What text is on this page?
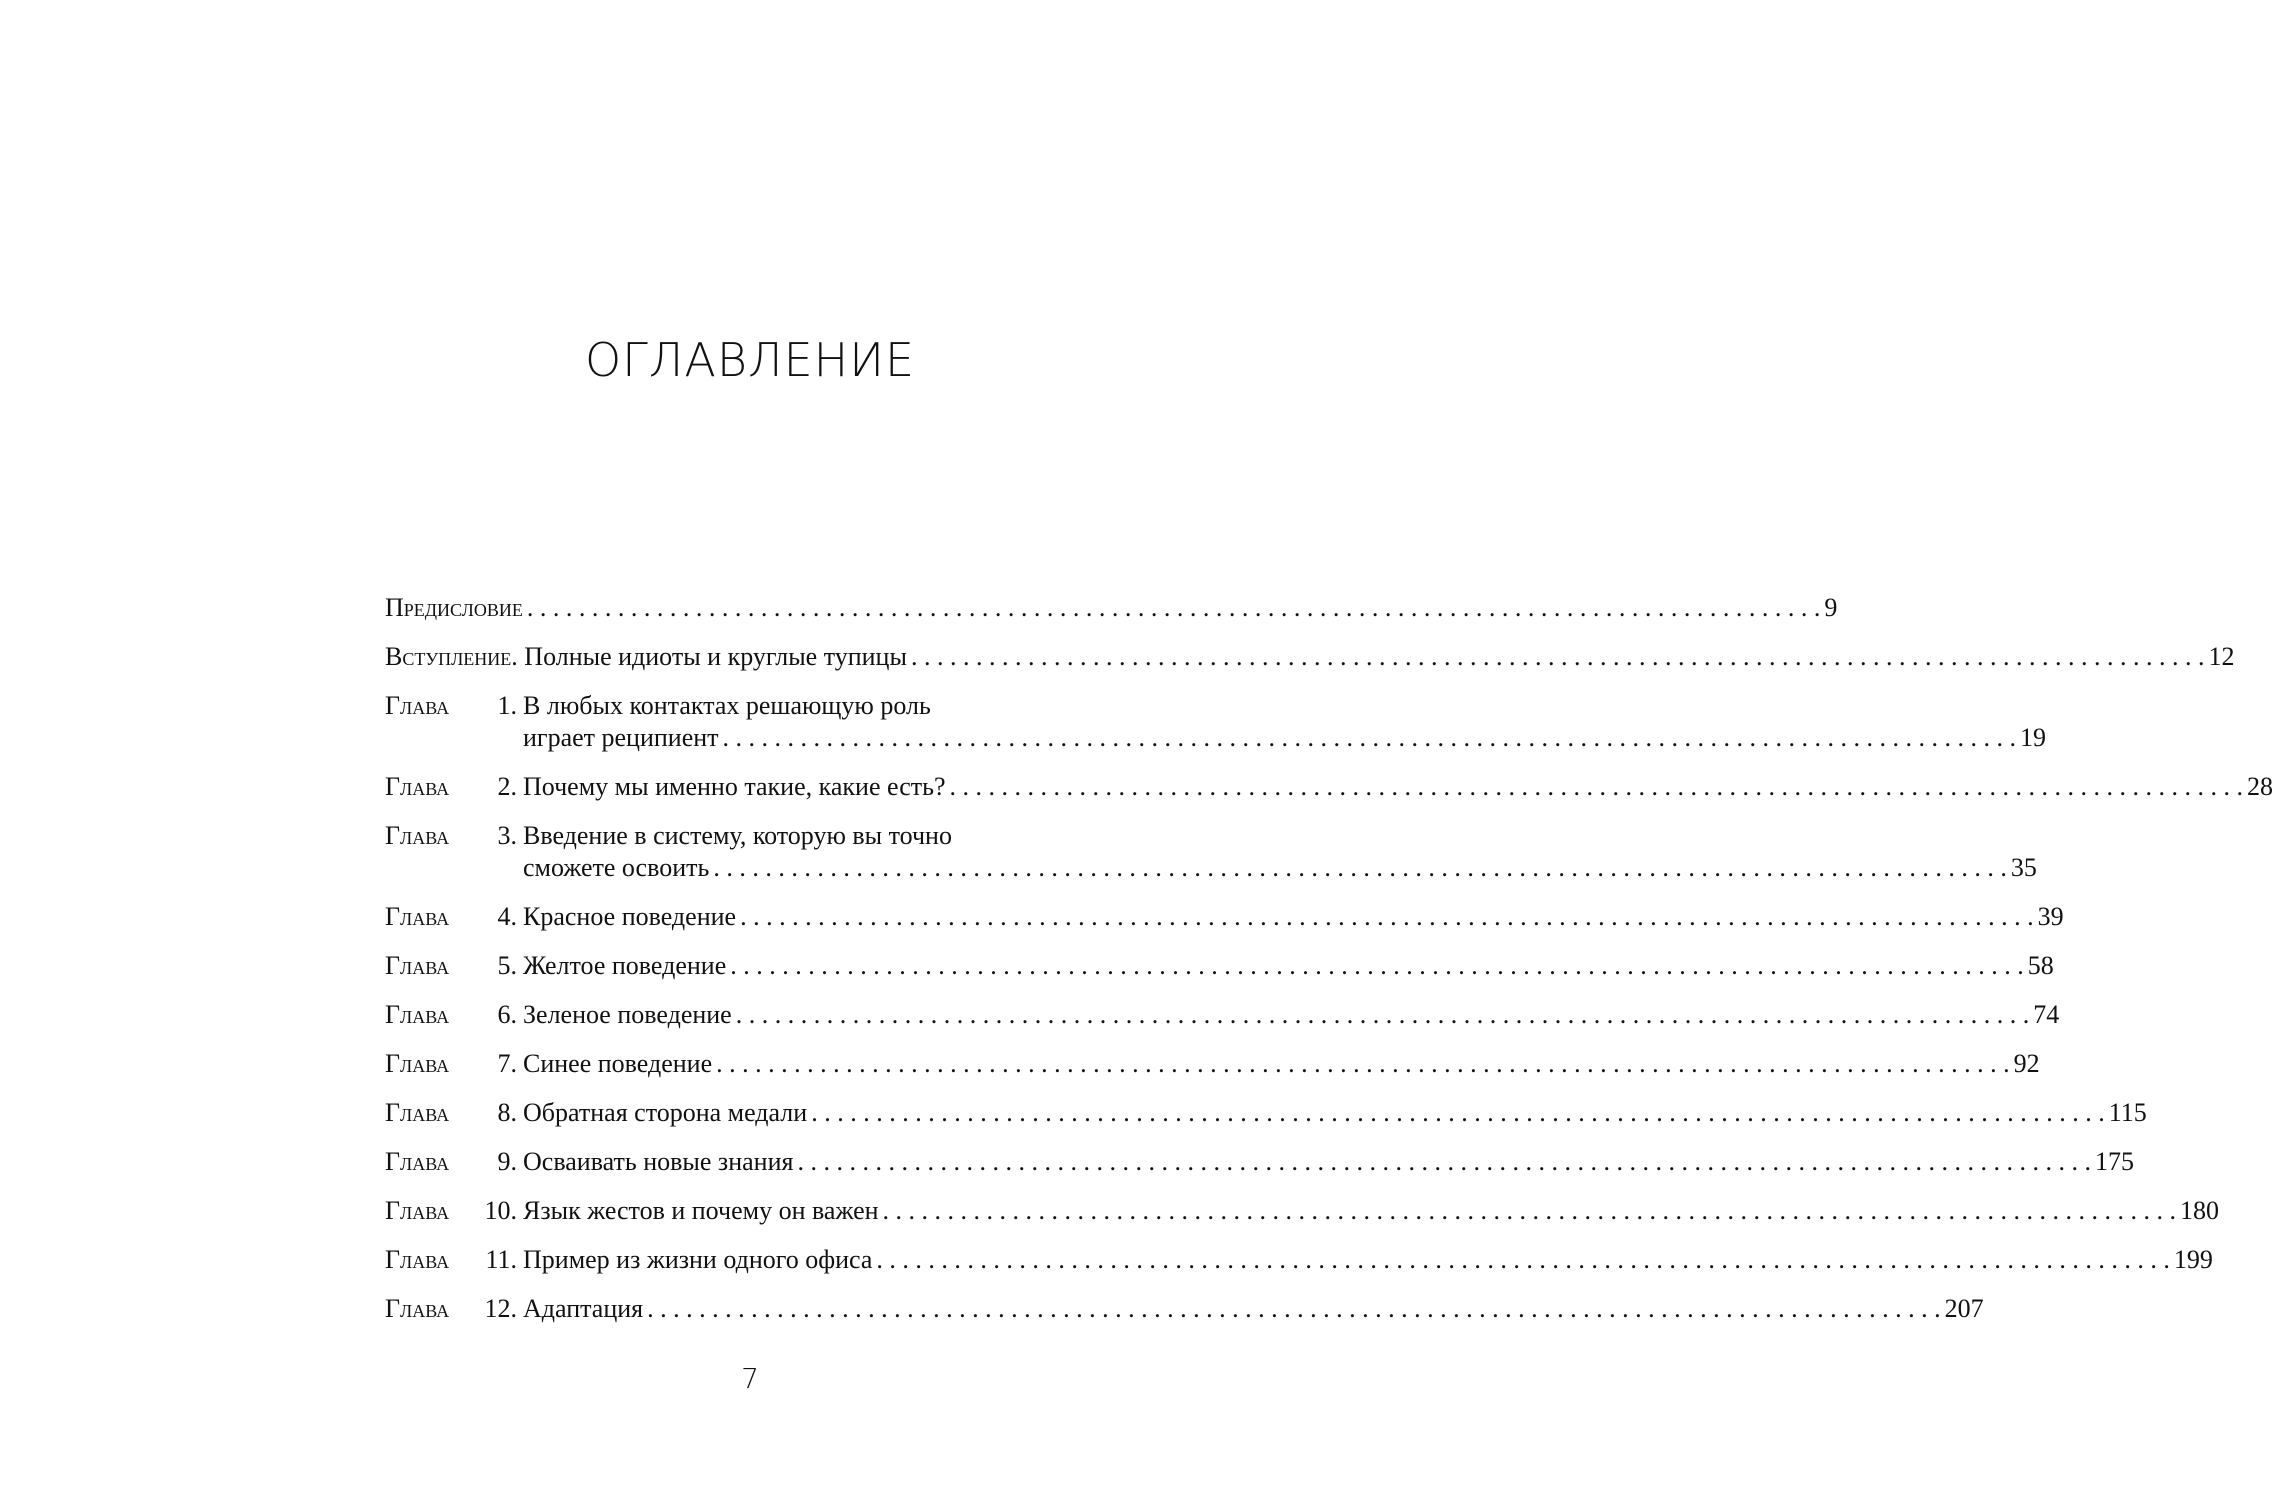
ОГЛАВЛЕНИЕ
Предисловие . . .	9
Вступление.
Полные идиоты и круглые тупицы . . .	12
Глава	1. В любых контактах решающую роль
играет реципиент . . .	19
Глава	2. Почему мы именно такие, какие есть? . . .	28
Глава	3. Введение в систему, которую вы точно
сможете освоить . . .	35
Глава	4. Красное поведение . . .	39
Глава	5. Желтое поведение . . .	58
Глава	6. Зеленое поведение . . .	74
Глава	7. Синее поведение . . .	92
Глава	8. Обратная сторона медали . . .	115
Глава	9. Осваивать новые знания . . .	175
Глава	10. Язык жестов и почему он важен . . .	180
Глава	11. Пример из жизни одного офиса . . .	199
Глава	12. Адаптация . . .	207
7
